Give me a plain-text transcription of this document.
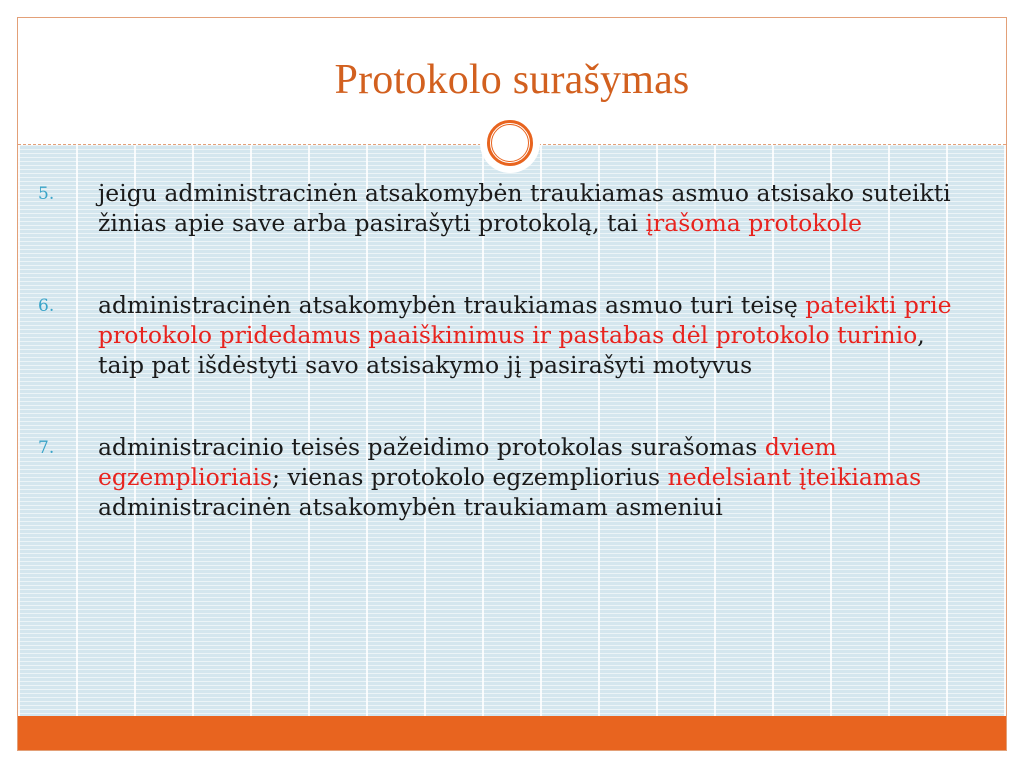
Protokolo surašymas
5. jeigu administracinėn atsakomybėn traukiamas asmuo atsisako suteikti žinias apie save arba pasirašyti protokolą, tai įrašoma protokole
6. administracinėn atsakomybėn traukiamas asmuo turi teisę pateikti prie protokolo pridedamus paaiškinimus ir pastabas dėl protokolo turinio, taip pat išdėstyti savo atsisakymo jį pasirašyti motyvus
7. administracinio teisės pažeidimo protokolas surašomas dviem egzemplioriais; vienas protokolo egzempliorius nedelsiant įteikiamas administracinėn atsakomybėn traukiamam asmeniui
